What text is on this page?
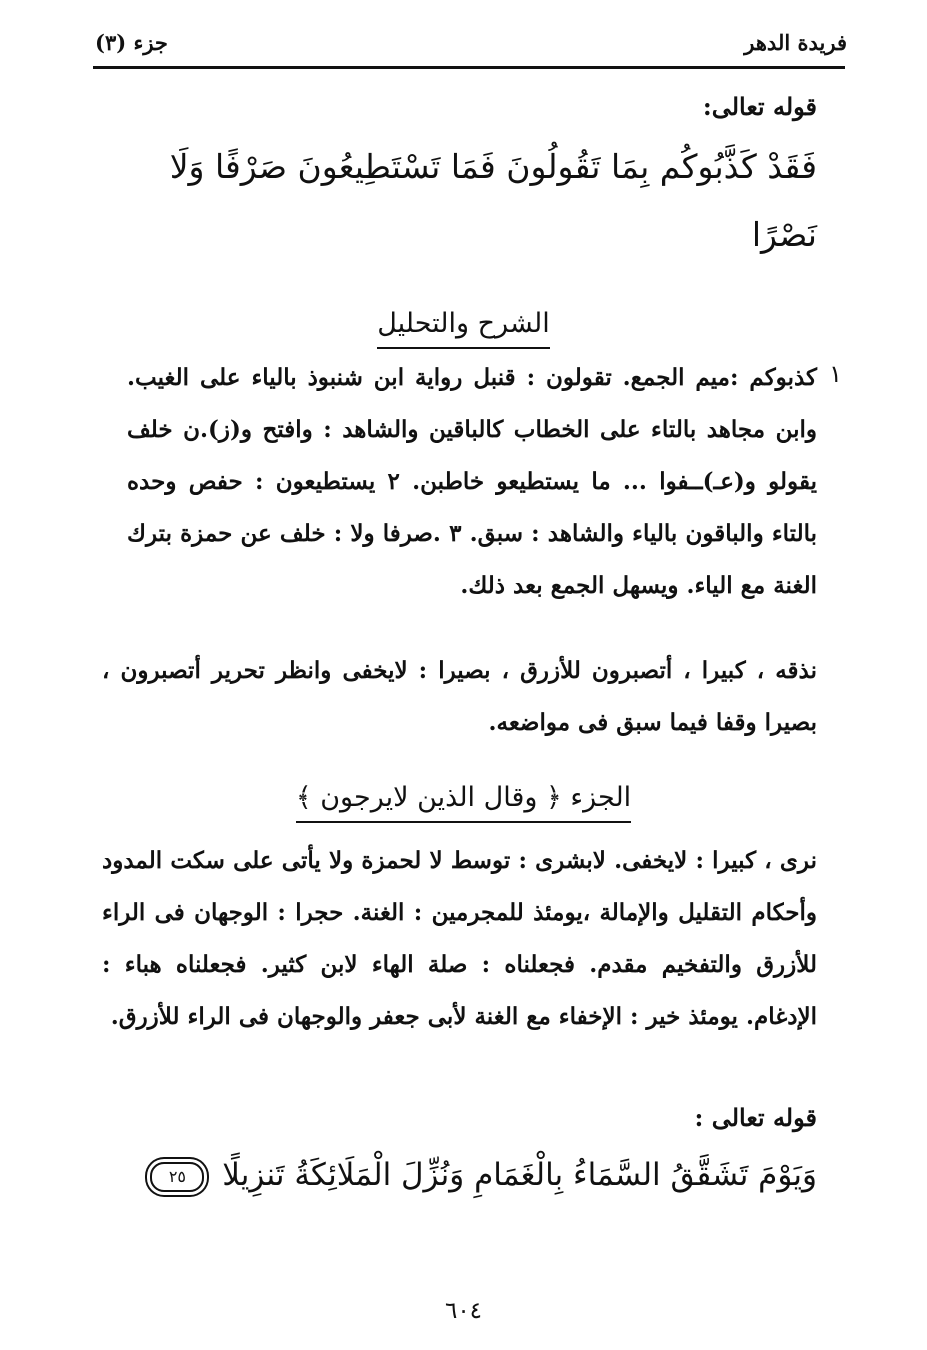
فريدة الدهر
جزء (٣)
قوله تعالى:
فَقَدْ كَذَّبُوكُم بِمَا تَقُولُونَ فَمَا تَسْتَطِيعُونَ صَرْفًا وَلَا
نَصْرًا
الشرح والتحليل
١
كذبوكم :ميم الجمع. تقولون : قنبل رواية ابن شنبوذ بالياء على الغيب. وابن مجاهد بالتاء على الخطاب كالباقين والشاهد : وافتح و(ز).ن خلف يقولو و(عـ)ــفوا ... ما يستطيعو خاطبن. ٢ يستطيعون : حفص وحده بالتاء والباقون بالياء والشاهد : سبق. ٣ .صرفا ولا : خلف عن حمزة بترك الغنة مع الياء. ويسهل الجمع بعد ذلك.
نذقه ، كبيرا ، أتصبرون للأزرق ، بصيرا : لايخفى وانظر تحرير أتصبرون ، بصيرا وقفا فيما سبق فى مواضعه.
الجزء ﴿ وقال الذين لايرجون ﴾
نرى ، كبيرا : لايخفى. لابشرى : توسط لا لحمزة ولا يأتى على سكت المدود وأحكام التقليل والإمالة ،يومئذ للمجرمين : الغنة. حجرا : الوجهان فى الراء للأزرق والتفخيم مقدم. فجعلناه : صلة الهاء لابن كثير. فجعلناه هباء : الإدغام. يومئذ خير : الإخفاء مع الغنة لأبى جعفر والوجهان فى الراء للأزرق.
قوله تعالى :
وَيَوْمَ تَشَقَّقُ السَّمَاءُ بِالْغَمَامِ وَنُزِّلَ الْمَلَائِكَةُ تَنزِيلًا ٢٥
٦٠٤
